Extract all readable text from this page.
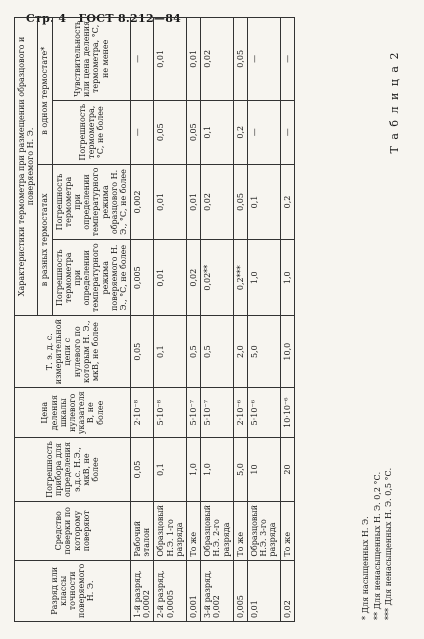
Стр. 4 ГОСТ 8.212—84
Т а б л и ц а 2
Разряд или классы точности поверяемого Н. Э.	Средство поверки по которому поверяют	Погрешность прибора для определения э.д.с. Н.Э., мкВ, не более	Цена деления шкалы нулевого указателя В, не более	Т. э. д. с. измерительной цепи с нулевого по которым Н. Э., мкВ, не более	Характеристики термометра при размещении образцового и поверяемого Н. Э.			
					в разных термостатах		в одном термостате*	
					Погрешность термометра при определении температурного режима поверяемого Н. Э., °С, не более	Погрешность термометра при определении температурного режима образцового Н. Э., °С, не более	Погрешность термометра, °С, не более	Чувствительность или цена деления термометра, °С, не менее
1-й разряд, 0,0002	Рабочий эталон	0,05	2·10⁻⁸	0,05	0,005	0,002	—	—
2-й разряд, 0,0005	Образцовый Н.Э. 1-го разряда	0,1	5·10⁻⁸	0,1	0,01	0,01	0,05	0,01
0,001	То же	1,0	5·10⁻⁷	0,5	0,02	0,01	0,05	0,01
3-й разряд, 0,002	Образцовый Н.Э. 2-го разряда	1,0	5·10⁻⁷	0,5	0,02**	0,02	0,1	0,02
0,005	То же	5,0	2·10⁻⁶	2,0	0,2***	0,05	0,2	0,05
0,01	Образцовый Н.Э. 3-го разряда	10	5·10⁻⁶	5,0	1,0	0,1	—	—
0,02	То же	20	10·10⁻⁶	10,0	1,0	0,2	—	—
* Для насыщенных Н. Э. ** Для ненасыщенных Н. Э. 0,2 °С. *** Для ненасыщенных Н. Э. 0,5 °С.
